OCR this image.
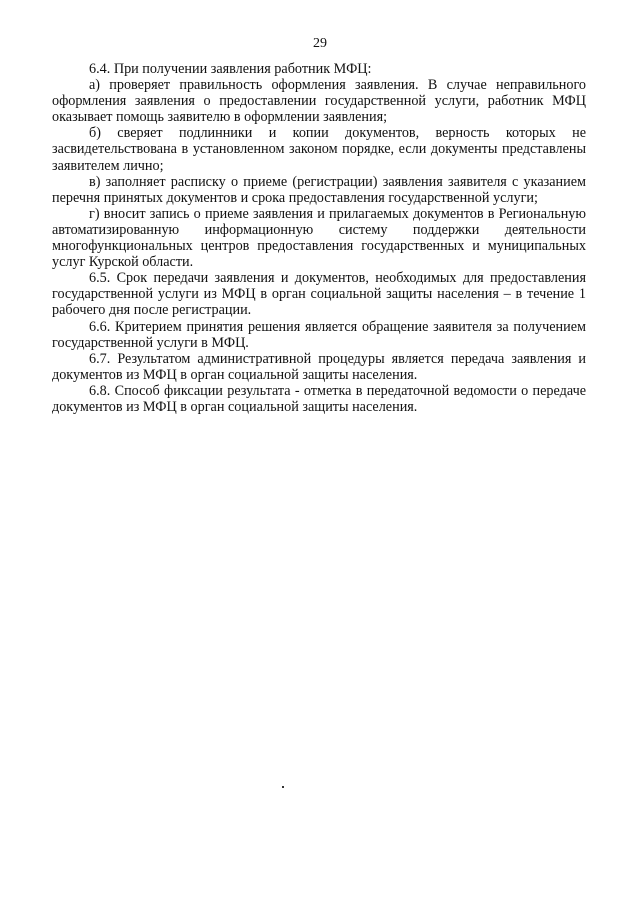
29

6.4. При получении заявления работник МФЦ:

а) проверяет правильность оформления заявления. В случае неправильного оформления заявления о предоставлении государственной услуги, работник МФЦ оказывает помощь заявителю в оформлении заявления;

б) сверяет подлинники и копии документов, верность которых не засвидетельствована в установленном законом порядке, если документы представлены заявителем лично;

в) заполняет расписку о приеме (регистрации) заявления заявителя с указанием перечня принятых документов и срока предоставления государственной услуги;

г) вносит запись о приеме заявления и прилагаемых документов в Региональную автоматизированную информационную систему поддержки деятельности многофункциональных центров предоставления государственных и муниципальных услуг Курской области.

6.5. Срок передачи заявления и документов, необходимых для предоставления государственной услуги из МФЦ в орган социальной защиты населения – в течение 1 рабочего дня после регистрации.

6.6. Критерием принятия решения является обращение заявителя за получением государственной услуги в МФЦ.

6.7. Результатом административной процедуры является передача заявления и документов из МФЦ в орган социальной защиты населения.

6.8. Способ фиксации результата - отметка в передаточной ведомости о передаче документов из МФЦ в орган социальной защиты населения.
